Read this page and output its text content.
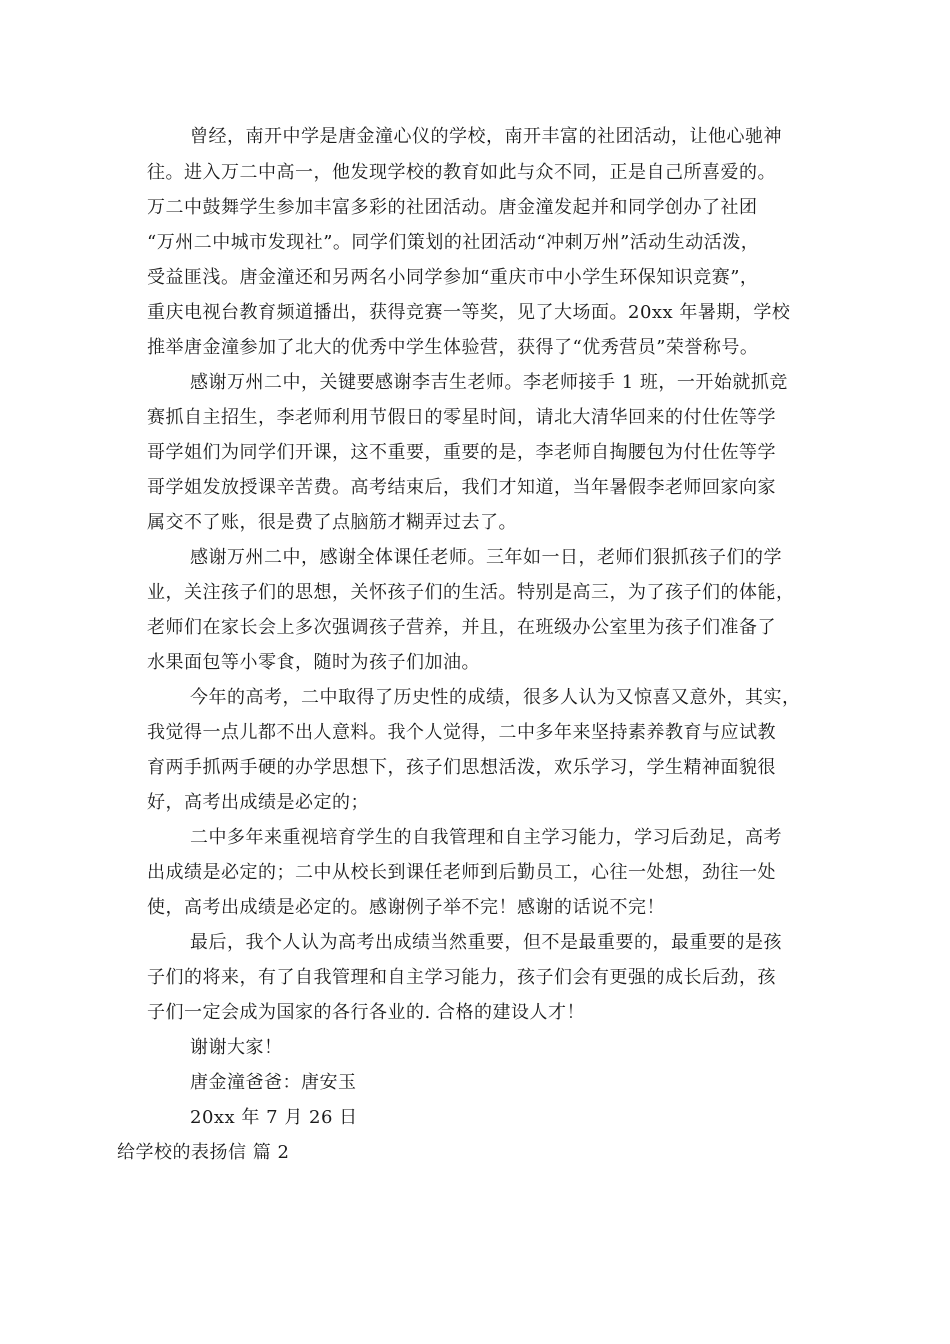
曾经，南开中学是唐金潼心仪的学校，南开丰富的社团活动，让他心驰神
往。进入万二中高一，他发现学校的教育如此与众不同，正是自己所喜爱的。
万二中鼓舞学生参加丰富多彩的社团活动。唐金潼发起并和同学创办了社团
“万州二中城市发现社”。同学们策划的社团活动“冲刺万州”活动生动活泼，
受益匪浅。唐金潼还和另两名小同学参加“重庆市中小学生环保知识竞赛”，
重庆电视台教育频道播出，获得竞赛一等奖，见了大场面。20xx 年暑期，学校
推举唐金潼参加了北大的优秀中学生体验营，获得了“优秀营员”荣誉称号。
感谢万州二中，关键要感谢李吉生老师。李老师接手 1 班，一开始就抓竞
赛抓自主招生，李老师利用节假日的零星时间，请北大清华回来的付仕佐等学
哥学姐们为同学们开课，这不重要，重要的是，李老师自掏腰包为付仕佐等学
哥学姐发放授课辛苦费。高考结束后，我们才知道，当年暑假李老师回家向家
属交不了账，很是费了点脑筋才糊弄过去了。
感谢万州二中，感谢全体课任老师。三年如一日，老师们狠抓孩子们的学
业，关注孩子们的思想，关怀孩子们的生活。特别是高三，为了孩子们的体能，
老师们在家长会上多次强调孩子营养，并且，在班级办公室里为孩子们准备了
水果面包等小零食，随时为孩子们加油。
今年的高考，二中取得了历史性的成绩，很多人认为又惊喜又意外，其实，
我觉得一点儿都不出人意料。我个人觉得，二中多年来坚持素养教育与应试教
育两手抓两手硬的办学思想下，孩子们思想活泼，欢乐学习，学生精神面貌很
好，高考出成绩是必定的；
二中多年来重视培育学生的自我管理和自主学习能力，学习后劲足，高考
出成绩是必定的；二中从校长到课任老师到后勤员工，心往一处想，劲往一处
使，高考出成绩是必定的。感谢例子举不完！感谢的话说不完！
最后，我个人认为高考出成绩当然重要，但不是最重要的，最重要的是孩
子们的将来，有了自我管理和自主学习能力，孩子们会有更强的成长后劲，孩
子们一定会成为国家的各行各业的. 合格的建设人才！
谢谢大家！
唐金潼爸爸：唐安玉
20xx 年 7 月 26 日
给学校的表扬信 篇 2
